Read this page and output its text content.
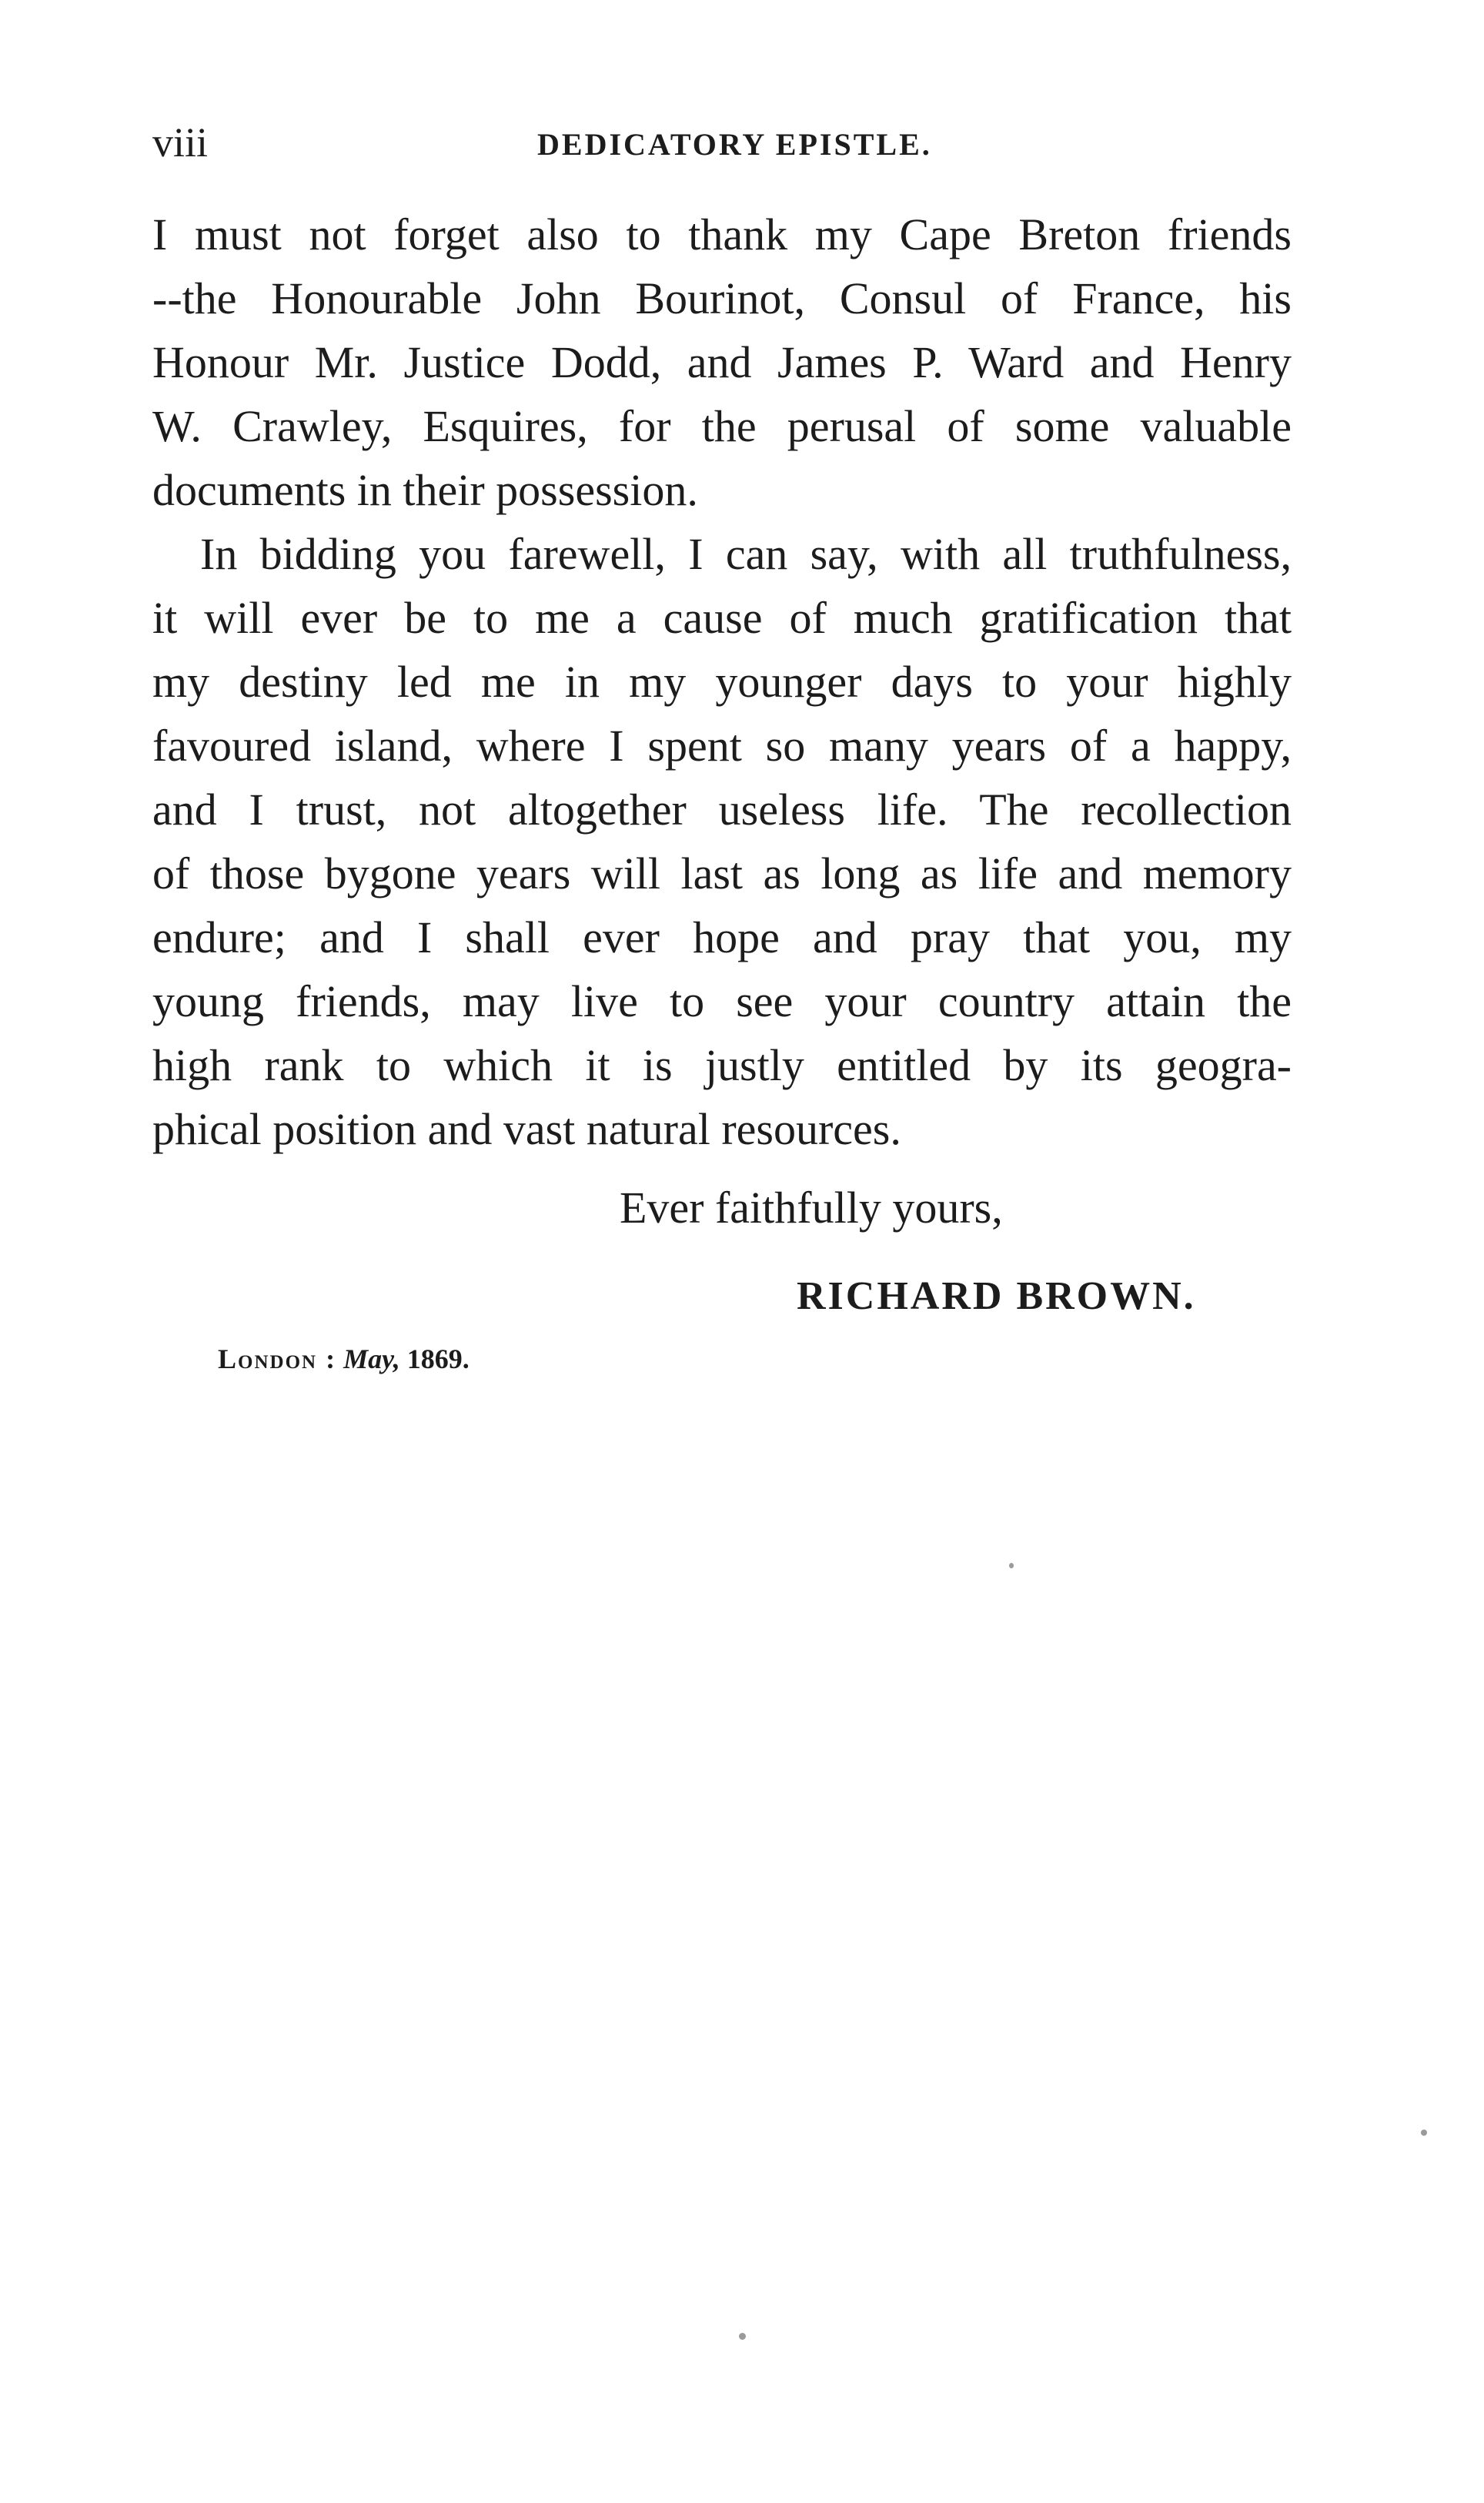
viii	DEDICATORY EPISTLE.
I must not forget also to thank my Cape Breton friends
--the Honourable John Bourinot, Consul of France, his
Honour Mr. Justice Dodd, and James P. Ward and Henry
W. Crawley, Esquires, for the perusal of some valuable
documents in their possession.
In bidding you farewell, I can say, with all truthfulness,
it will ever be to me a cause of much gratification that
my destiny led me in my younger days to your highly
favoured island, where I spent so many years of a happy,
and I trust, not altogether useless life. The recollection
of those bygone years will last as long as life and memory
endure; and I shall ever hope and pray that you, my
young friends, may live to see your country attain the
high rank to which it is justly entitled by its geogra-
phical position and vast natural resources.
Ever faithfully yours,
RICHARD BROWN.
London : May, 1869.
